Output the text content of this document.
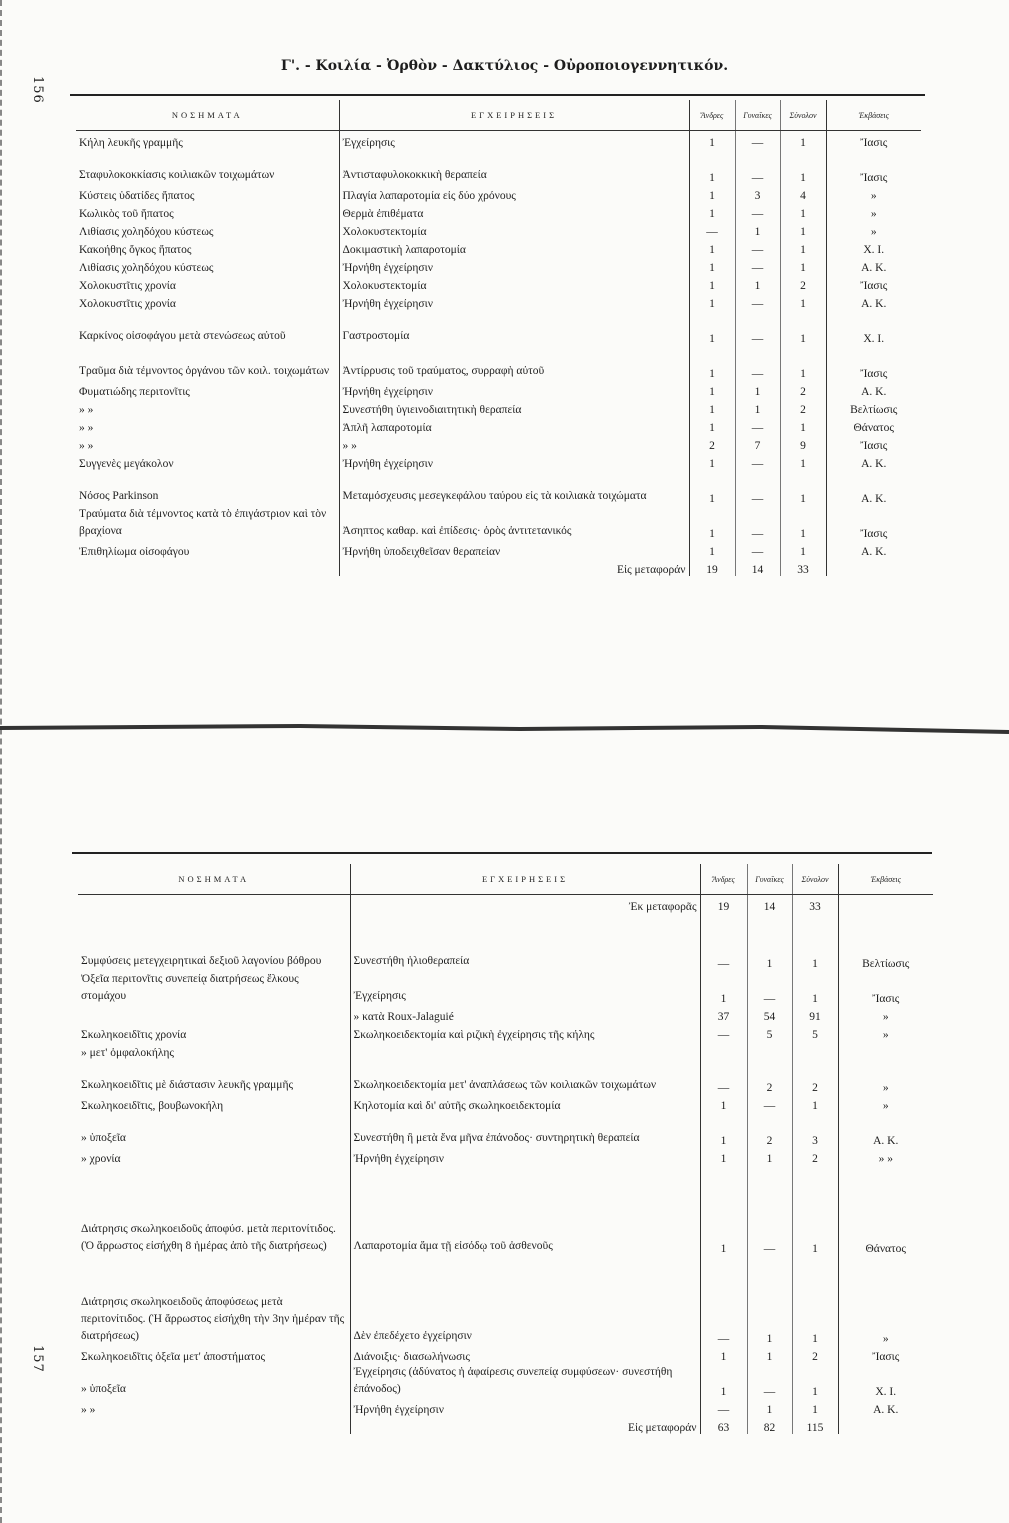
156
Γ'. - Κοιλία - Ὀρθὸν - Δακτύλιος - Οὐροποιογεννητικόν.
ΝΟΣΗΜΑΤΑ	ΕΓΧΕΙΡΗΣΕΙΣ	Ἄνδρες	Γυναῖκες	Σύνολον	Ἐκβάσεις
Κήλη λευκῆς γραμμῆς	Ἐγχείρησις	1	—	1	Ἴασις
Σταφυλοκοκκίασις κοιλιακῶν τοιχωμάτων	Ἀντισταφυλοκοκκικὴ θεραπεία	1	—	1	Ἴασις
Κύστεις ὑδατίδες ἥπατος	Πλαγία λαπαροτομία εἰς δύο χρόνους	1	3	4	»
Κωλικὸς τοῦ ἥπατος	Θερμὰ ἐπιθέματα	1	—	1	»
Λιθίασις χοληδόχου κύστεως	Χολοκυστεκτομία	—	1	1	»
Κακοήθης ὄγκος ἥπατος	Δοκιμαστικὴ λαπαροτομία	1	—	1	Χ. Ι.
Λιθίασις χοληδόχου κύστεως	Ἠρνήθη ἐγχείρησιν	1	—	1	Α. Κ.
Χολοκυστῖτις χρονία	Χολοκυστεκτομία	1	1	2	Ἴασις
Χολοκυστῖτις χρονία	Ἠρνήθη ἐγχείρησιν	1	—	1	Α. Κ.
Καρκίνος οἰσοφάγου μετὰ στενώσεως αὐτοῦ	Γαστροστομία	1	—	1	Χ. Ι.
Τραῦμα διὰ τέμνοντος ὀργάνου τῶν κοιλ. τοιχωμάτων	Ἀντίρρυσις τοῦ τραύματος, συρραφὴ αὐτοῦ	1	—	1	Ἴασις
Φυματιώδης περιτονῖτις	Ἠρνήθη ἐγχείρησιν	1	1	2	Α. Κ.
» »	Συνεστήθη ὑγιεινοδιαιτητικὴ θεραπεία	1	1	2	Βελτίωσις
» »	Ἁπλῆ λαπαροτομία	1	—	1	Θάνατος
» »	» »	2	7	9	Ἴασις
Συγγενὲς μεγάκολον	Ἠρνήθη ἐγχείρησιν	1	—	1	Α. Κ.
Νόσος Parkinson	Μεταμόσχευσις μεσεγκεφάλου ταύρου εἰς τὰ κοιλιακὰ τοιχώματα	1	—	1	Α. Κ.
Τραύματα διὰ τέμνοντος κατὰ τὸ ἐπιγάστριον καὶ τὸν βραχίονα	Ἀσηπτος καθαρ. καὶ ἐπίδεσις· ὀρὸς ἀντιτετανικός	1	—	1	Ἴασις
Ἐπιθηλίωμα οἰσοφάγου	Ἠρνήθη ὑποδειχθεῖσαν θεραπείαν	1	—	1	Α. Κ.
	Εἰς μεταφοράν	19	14	33	
ΝΟΣΗΜΑΤΑ	ΕΓΧΕΙΡΗΣΕΙΣ	Ἄνδρες	Γυναῖκες	Σύνολον	Ἐκβάσεις
	Ἐκ μεταφορᾶς	19	14	33	

Συμφύσεις μετεγχειρητικαὶ δεξιοῦ λαγονίου βόθρου	Συνεστήθη ἡλιοθεραπεία	—	1	1	Βελτίωσις
Ὀξεῖα περιτονῖτις συνεπείᾳ διατρήσεως ἕλκους στομάχου	Ἐγχείρησις	1	—	1	Ἴασις
	» κατὰ Roux-Jalaguié	37	54	91	»
Σκωληκοειδῖτις χρονία	Σκωληκοειδεκτομία καὶ ριζικὴ ἐγχείρησις τῆς κήλης	—	5	5	»
» μετ' ὀμφαλοκήλης					
Σκωληκοειδῖτις μὲ διάστασιν λευκῆς γραμμῆς	Σκωληκοειδεκτομία μετ' ἀναπλάσεως τῶν κοιλιακῶν τοιχωμάτων	—	2	2	»
Σκωληκοειδῖτις, βουβωνοκήλη	Κηλοτομία καὶ δι' αὐτῆς σκωληκοειδεκτομία	1	—	1	»
» ὑποξεῖα	Συνεστήθη ἢ μετὰ ἕνα μῆνα ἐπάνοδος· συντηρητικὴ θεραπεία	1	2	3	Α. Κ.
» χρονία	Ἠρνήθη ἐγχείρησιν	1	1	2	» »
Διάτρησις σκωληκοειδοῦς ἀποφύσ. μετὰ περιτονίτιδος. (Ὁ ἄρρωστος εἰσήχθη 8 ἡμέρας ἀπὸ τῆς διατρήσεως)	Λαπαροτομία ἅμα τῇ εἰσόδῳ τοῦ ἀσθενοῦς	1	—	1	Θάνατος
Διάτρησις σκωληκοειδοῦς ἀποφύσεως μετὰ περιτονίτιδος. (Ἡ ἄρρωστος εἰσήχθη τὴν 3ην ἡμέραν τῆς διατρήσεως)	Δὲν ἐπεδέχετο ἐγχείρησιν	—	1	1	»
Σκωληκοειδῖτις ὀξεῖα μετ' ἀποστήματος	Διάνοιξις· διασωλήνωσις	1	1	2	Ἴασις
» ὑποξεῖα	Ἐγχείρησις (ἀδύνατος ἡ ἀφαίρεσις συνεπείᾳ συμφύσεων· συνεστήθη ἐπάνοδος)	1	—	1	Χ. Ι.
» »	Ἠρνήθη ἐγχείρησιν	—	1	1	Α. Κ.
	Εἰς μεταφοράν	63	82	115	
157
